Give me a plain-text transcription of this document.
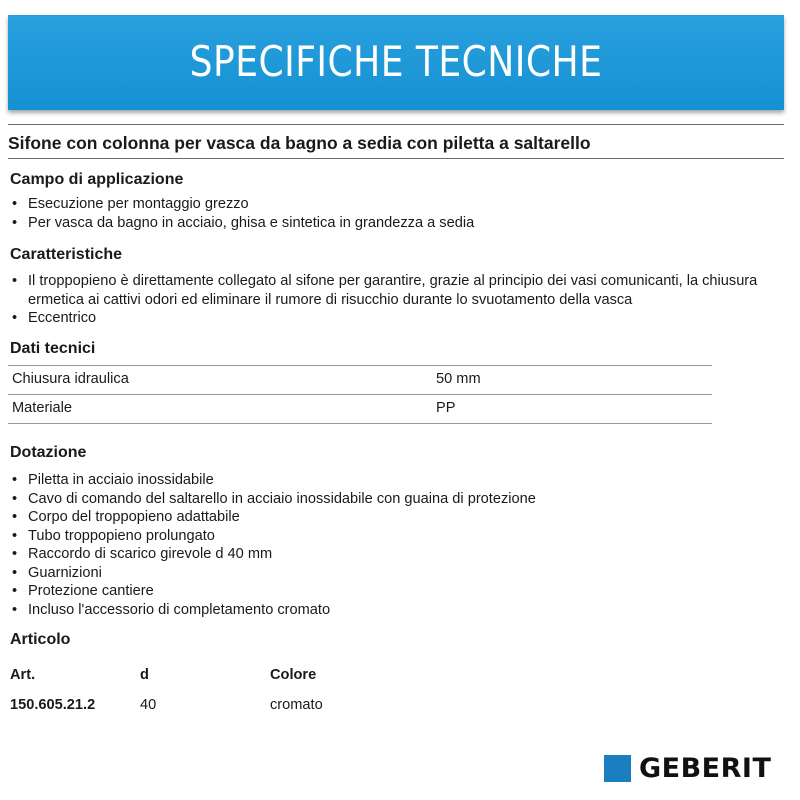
SPECIFICHE TECNICHE
Sifone con colonna per vasca da bagno a sedia con piletta a saltarello
Campo di applicazione
• Esecuzione per montaggio grezzo
• Per vasca da bagno in acciaio, ghisa e sintetica in grandezza a sedia
Caratteristiche
• Il troppopieno è direttamente collegato al sifone per garantire, grazie al principio dei vasi comunicanti, la chiusura ermetica ai cattivi odori ed eliminare il rumore di risucchio durante lo svuotamento della vasca
• Eccentrico
Dati tecnici
Chiusura idraulica	50 mm
Materiale	PP
Dotazione
• Piletta in acciaio inossidabile
• Cavo di comando del saltarello in acciaio inossidabile con guaina di protezione
• Corpo del troppopieno adattabile
• Tubo troppopieno prolungato
• Raccordo di scarico girevole d 40 mm
• Guarnizioni
• Protezione cantiere
• Incluso l'accessorio di completamento cromato
Articolo
Art.	d	Colore
150.605.21.2	40	cromato
GEBERIT
